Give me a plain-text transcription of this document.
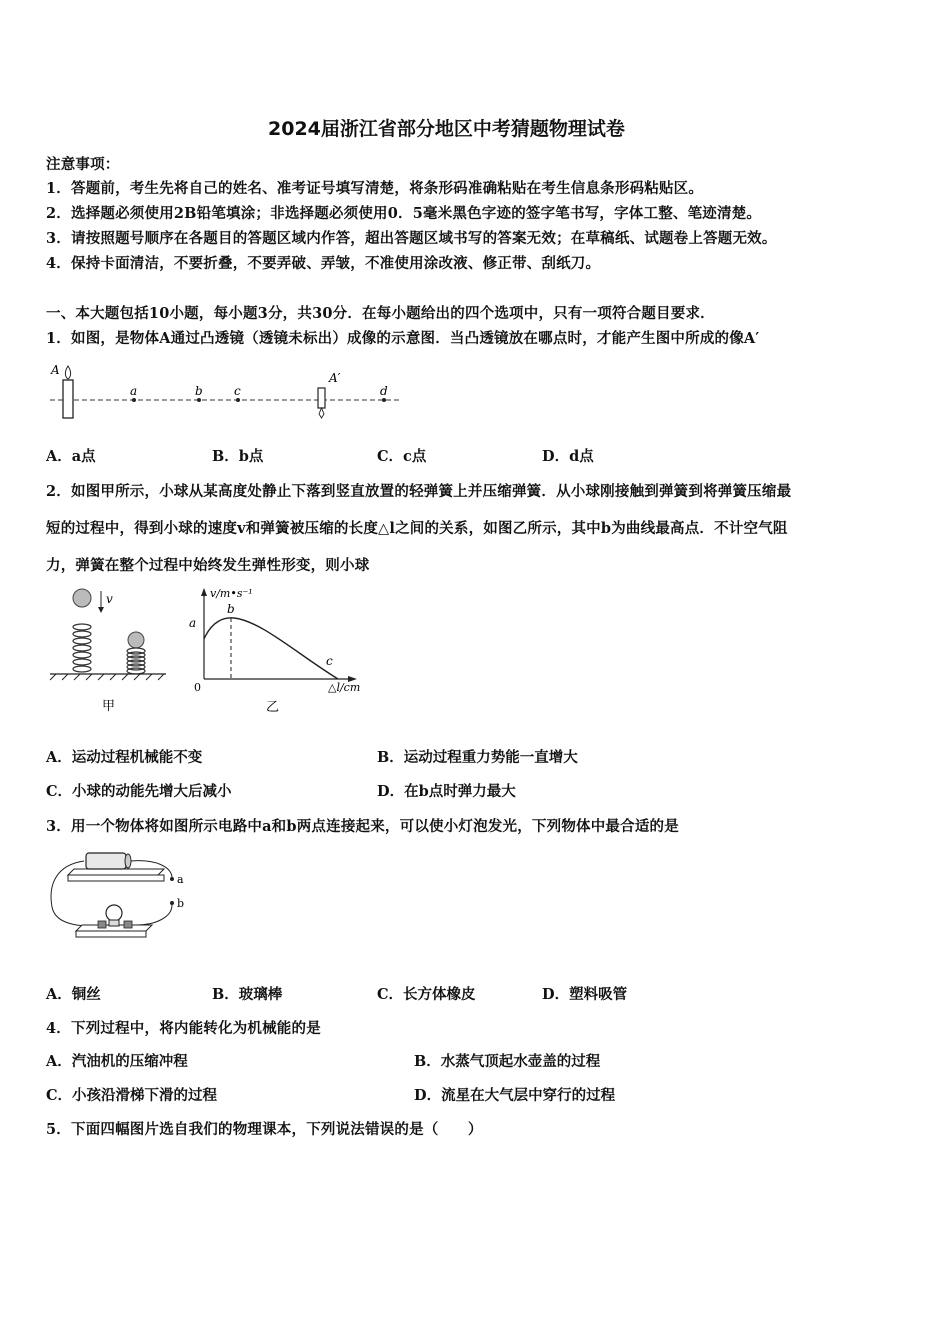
2024届浙江省部分地区中考猜题物理试卷
注意事项：
1．答题前，考生先将自己的姓名、准考证号填写清楚，将条形码准确粘贴在考生信息条形码粘贴区。
2．选择题必须使用2B铅笔填涂；非选择题必须使用0．5毫米黑色字迹的签字笔书写，字体工整、笔迹清楚。
3．请按照题号顺序在各题目的答题区域内作答，超出答题区域书写的答案无效；在草稿纸、试题卷上答题无效。
4．保持卡面清洁，不要折叠，不要弄破、弄皱，不准使用涂改液、修正带、刮纸刀。
一、本大题包括10小题，每小题3分，共30分．在每小题给出的四个选项中，只有一项符合题目要求．
1．如图，是物体A通过凸透镜（透镜未标出）成像的示意图．当凸透镜放在哪点时，才能产生图中所成的像A′
A
a	b	c
A′
d
A．a点	B．b点	C．c点	D．d点
2．如图甲所示，小球从某高度处静止下落到竖直放置的轻弹簧上并压缩弹簧．从小球刚接触到弹簧到将弹簧压缩最
短的过程中，得到小球的速度v和弹簧被压缩的长度△l之间的关系，如图乙所示，其中b为曲线最高点．不计空气阻
力，弹簧在整个过程中始终发生弹性形变，则小球
v
甲
v/m•s⁻¹
△l/cm
0
a
b
c
乙
A．运动过程机械能不变	B．运动过程重力势能一直增大
C．小球的动能先增大后减小	D．在b点时弹力最大
3．用一个物体将如图所示电路中a和b两点连接起来，可以使小灯泡发光，下列物体中最合适的是
a
b
A．铜丝	B．玻璃棒	C．长方体橡皮	D．塑料吸管
4．下列过程中，将内能转化为机械能的是
A．汽油机的压缩冲程	B．水蒸气顶起水壶盖的过程
C．小孩沿滑梯下滑的过程	D．流星在大气层中穿行的过程
5．下面四幅图片选自我们的物理课本，下列说法错误的是（　　）
